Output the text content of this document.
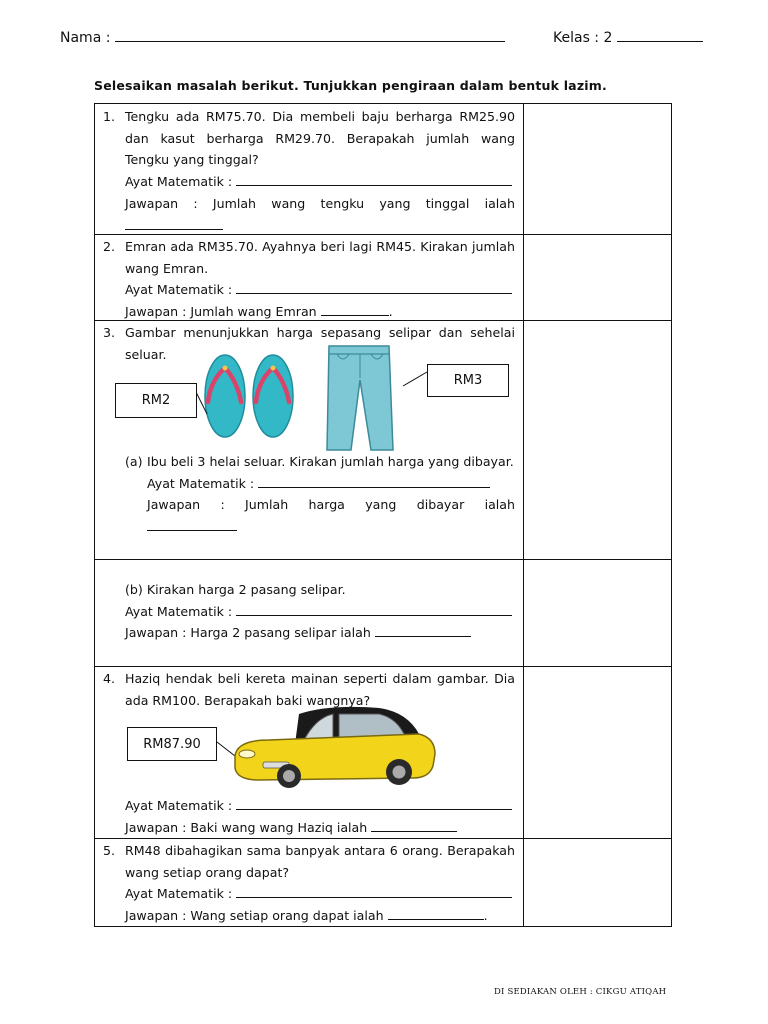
Nama :	Kelas : 2
Selesaikan masalah berikut. Tunjukkan pengiraan dalam bentuk lazim.
1. Tengku ada RM75.70. Dia membeli baju berharga RM25.90 dan kasut berharga RM29.70. Berapakah jumlah wang Tengku yang tinggal?
Ayat Matematik :
Jawapan : Jumlah wang tengku yang tinggal ialah
2. Emran ada RM35.70. Ayahnya beri lagi RM45. Kirakan jumlah wang Emran.
Ayat Matematik :
Jawapan : Jumlah wang Emran	.
3. Gambar menunjukkan harga sepasang selipar dan sehelai seluar.
RM2
RM3
(a) Ibu beli 3 helai seluar. Kirakan jumlah harga yang dibayar.
Ayat Matematik :
Jawapan : Jumlah harga yang dibayar ialah
(b) Kirakan harga 2 pasang selipar.
Ayat Matematik :
Jawapan : Harga 2 pasang selipar ialah
4. Haziq hendak beli kereta mainan seperti dalam gambar. Dia ada RM100. Berapakah baki wangnya?
RM87.90
Ayat Matematik :
Jawapan : Baki wang wang Haziq ialah
5. RM48 dibahagikan sama banpyak antara 6 orang. Berapakah wang setiap orang dapat?
Ayat Matematik :
Jawapan : Wang setiap orang dapat ialah	.
DI SEDIAKAN OLEH : CIKGU ATIQAH
